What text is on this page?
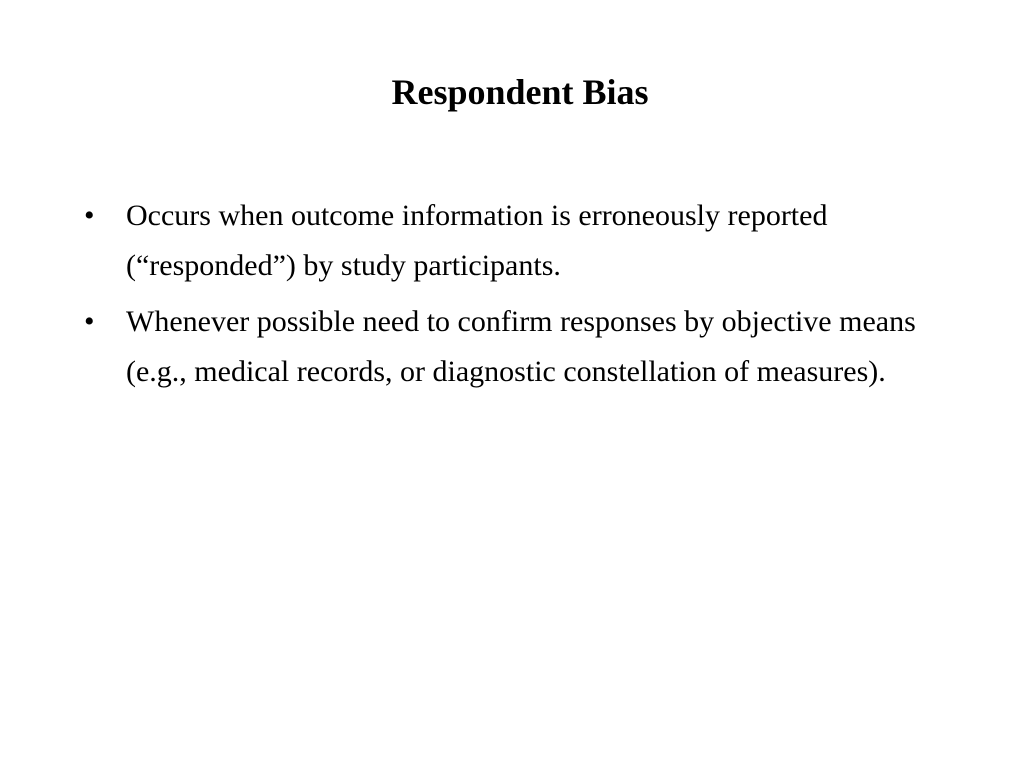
Respondent Bias
• Occurs when outcome information is erroneously reported (“responded”) by study participants.
• Whenever possible need to confirm responses by objective means (e.g., medical records, or diagnostic constellation of measures).
